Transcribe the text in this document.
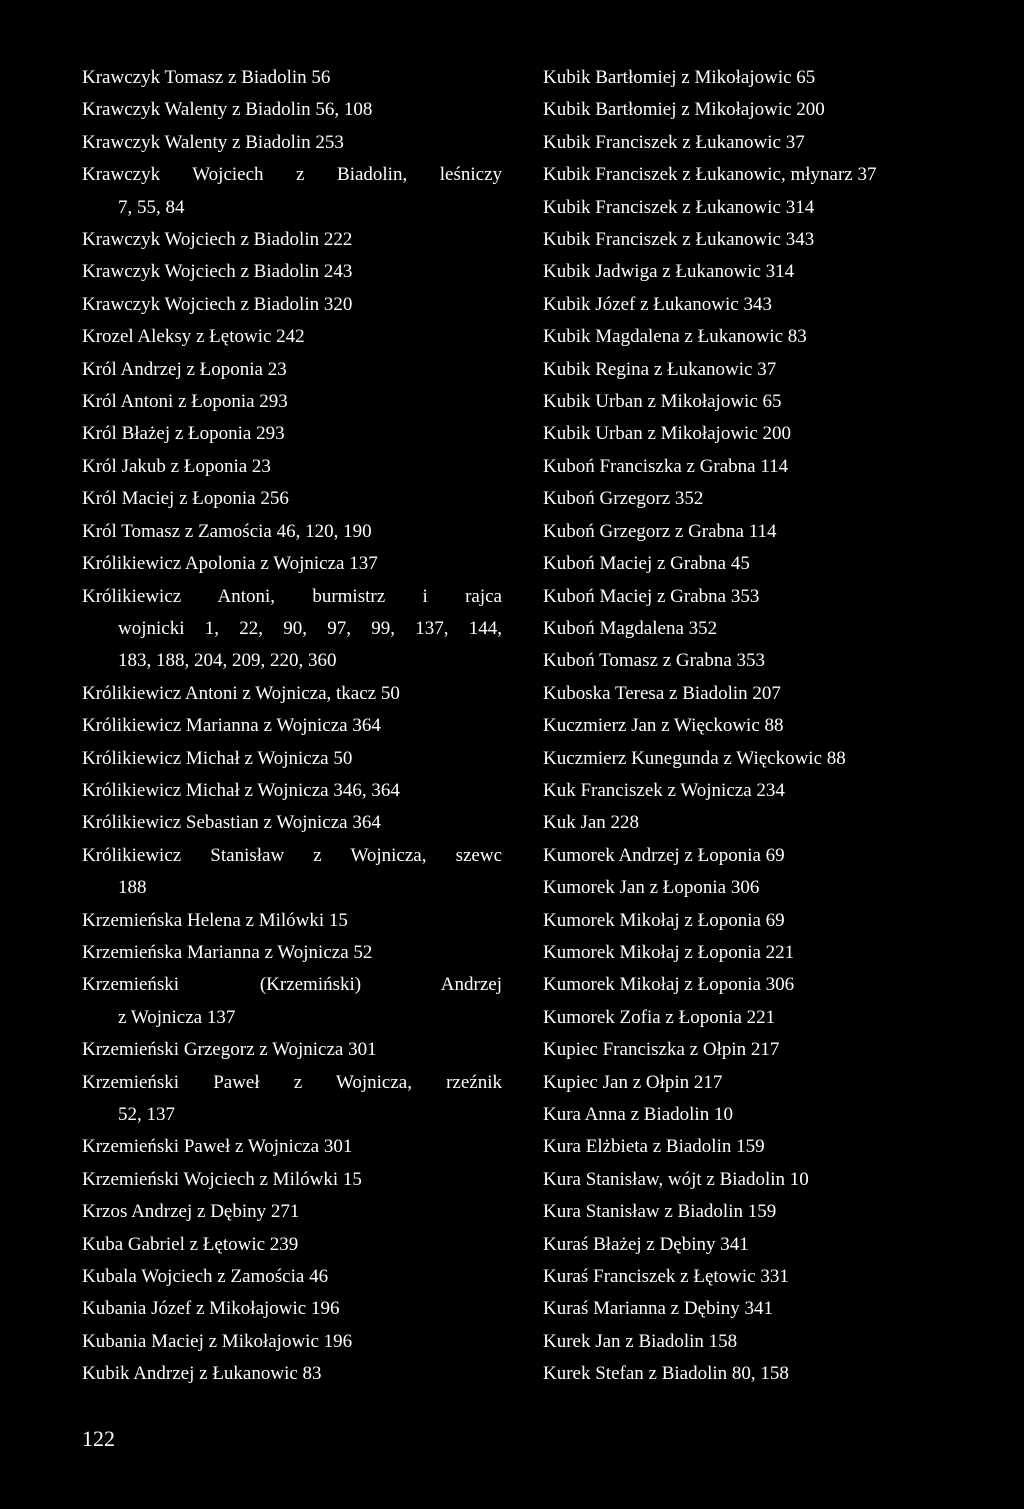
Krawczyk Tomasz z Biadolin 56
Krawczyk Walenty z Biadolin 56, 108
Krawczyk Walenty z Biadolin 253
Krawczyk Wojciech z Biadolin, leśniczy
7, 55, 84
Krawczyk Wojciech z Biadolin 222
Krawczyk Wojciech z Biadolin 243
Krawczyk Wojciech z Biadolin 320
Krozel Aleksy z Łętowic 242
Król Andrzej z Łoponia 23
Król Antoni z Łoponia 293
Król Błażej z Łoponia 293
Król Jakub z Łoponia 23
Król Maciej z Łoponia 256
Król Tomasz z Zamościa 46, 120, 190
Królikiewicz Apolonia z Wojnicza 137
Królikiewicz Antoni, burmistrz i rajca
wojnicki 1, 22, 90, 97, 99, 137, 144,
183, 188, 204, 209, 220, 360
Królikiewicz Antoni z Wojnicza, tkacz 50
Królikiewicz Marianna z Wojnicza 364
Królikiewicz Michał z Wojnicza 50
Królikiewicz Michał z Wojnicza 346, 364
Królikiewicz Sebastian z Wojnicza 364
Królikiewicz Stanisław z Wojnicza, szewc
188
Krzemieńska Helena z Milówki 15
Krzemieńska Marianna z Wojnicza 52
Krzemieński (Krzemiński) Andrzej
z Wojnicza 137
Krzemieński Grzegorz z Wojnicza 301
Krzemieński Paweł z Wojnicza, rzeźnik
52, 137
Krzemieński Paweł z Wojnicza 301
Krzemieński Wojciech z Milówki 15
Krzos Andrzej z Dębiny 271
Kuba Gabriel z Łętowic 239
Kubala Wojciech z Zamościa 46
Kubania Józef z Mikołajowic 196
Kubania Maciej z Mikołajowic 196
Kubik Andrzej z Łukanowic 83
Kubik Bartłomiej z Mikołajowic 65
Kubik Bartłomiej z Mikołajowic 200
Kubik Franciszek z Łukanowic 37
Kubik Franciszek z Łukanowic, młynarz 37
Kubik Franciszek z Łukanowic 314
Kubik Franciszek z Łukanowic 343
Kubik Jadwiga z Łukanowic 314
Kubik Józef z Łukanowic 343
Kubik Magdalena z Łukanowic 83
Kubik Regina z Łukanowic 37
Kubik Urban z Mikołajowic 65
Kubik Urban z Mikołajowic 200
Kuboń Franciszka z Grabna 114
Kuboń Grzegorz 352
Kuboń Grzegorz z Grabna 114
Kuboń Maciej z Grabna 45
Kuboń Maciej z Grabna 353
Kuboń Magdalena 352
Kuboń Tomasz z Grabna 353
Kuboska Teresa z Biadolin 207
Kuczmierz Jan z Więckowic 88
Kuczmierz Kunegunda z Więckowic 88
Kuk Franciszek z Wojnicza 234
Kuk Jan 228
Kumorek Andrzej z Łoponia 69
Kumorek Jan z Łoponia 306
Kumorek Mikołaj z Łoponia 69
Kumorek Mikołaj z Łoponia 221
Kumorek Mikołaj z Łoponia 306
Kumorek Zofia z Łoponia 221
Kupiec Franciszka z Ołpin 217
Kupiec Jan z Ołpin 217
Kura Anna z Biadolin 10
Kura Elżbieta z Biadolin 159
Kura Stanisław, wójt z Biadolin 10
Kura Stanisław z Biadolin 159
Kuraś Błażej z Dębiny 341
Kuraś Franciszek z Łętowic 331
Kuraś Marianna z Dębiny 341
Kurek Jan z Biadolin 158
Kurek Stefan z Biadolin 80, 158
122
